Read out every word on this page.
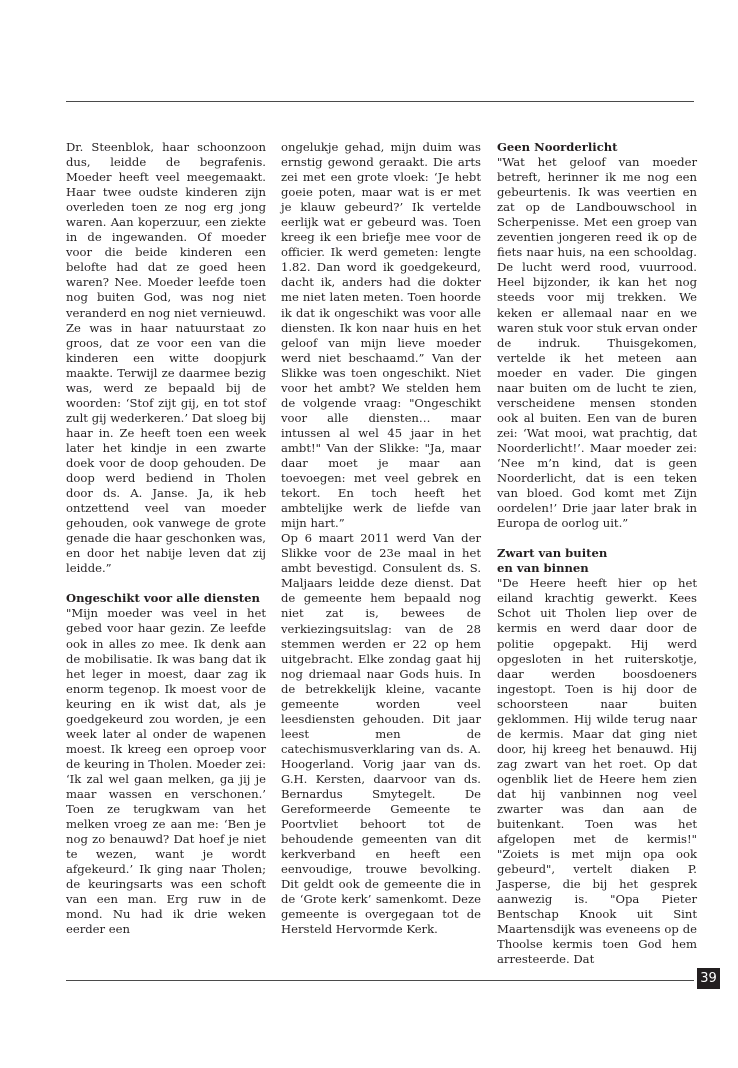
Dr. Steenblok, haar schoonzoon dus, leidde de begrafenis. Moeder heeft veel meegemaakt. Haar twee oudste kinderen zijn overleden toen ze nog erg jong waren. Aan koperzuur, een ziekte in de ingewanden. Of moeder voor die beide kinderen een belofte had dat ze goed heen waren? Nee. Moeder leefde toen nog buiten God, was nog niet veranderd en nog niet vernieuwd. Ze was in haar natuurstaat zo groos, dat ze voor een van die kinderen een witte doopjurk maakte. Terwijl ze daarmee bezig was, werd ze bepaald bij de woorden: ‘Stof zijt gij, en tot stof zult gij wederkeren.’ Dat sloeg bij haar in. Ze heeft toen een week later het kindje in een zwarte doek voor de doop gehouden. De doop werd bediend in Tholen door ds. A. Janse. Ja, ik heb ontzettend veel van moeder gehouden, ook vanwege de grote genade die haar geschonken was, en door het nabije leven dat zij leidde.”

Ongeschikt voor alle diensten

"Mijn moeder was veel in het gebed voor haar gezin. Ze leefde ook in alles zo mee. Ik denk aan de mobilisatie. Ik was bang dat ik het leger in moest, daar zag ik enorm tegenop. Ik moest voor de keuring en ik wist dat, als je goedgekeurd zou worden, je een week later al onder de wapenen moest. Ik kreeg een oproep voor de keuring in Tholen. Moeder zei: ‘Ik zal wel gaan melken, ga jij je maar wassen en verschonen.’ Toen ze terugkwam van het melken vroeg ze aan me: ‘Ben je nog zo benauwd? Dat hoef je niet te wezen, want je wordt afgekeurd.’ Ik ging naar Tholen; de keuringsarts was een schoft van een man. Erg ruw in de mond. Nu had ik drie weken eerder een

ongelukje gehad, mijn duim was ernstig gewond geraakt. Die arts zei met een grote vloek: ‘Je hebt goeie poten, maar wat is er met je klauw gebeurd?’ Ik vertelde eerlijk wat er gebeurd was. Toen kreeg ik een briefje mee voor de officier. Ik werd gemeten: lengte 1.82. Dan word ik goedgekeurd, dacht ik, anders had die dokter me niet laten meten. Toen hoorde ik dat ik ongeschikt was voor alle diensten. Ik kon naar huis en het geloof van mijn lieve moeder werd niet beschaamd.” Van der Slikke was toen ongeschikt. Niet voor het ambt? We stelden hem de volgende vraag: "Ongeschikt voor alle diensten… maar intussen al wel 45 jaar in het ambt!" Van der Slikke: "Ja, maar daar moet je maar aan toevoegen: met veel gebrek en tekort. En toch heeft het ambtelijke werk de liefde van mijn hart.”

Op 6 maart 2011 werd Van der Slikke voor de 23e maal in het ambt bevestigd. Consulent ds. S. Maljaars leidde deze dienst. Dat de gemeente hem bepaald nog niet zat is, bewees de verkiezingsuitslag: van de 28 stemmen werden er 22 op hem uitgebracht. Elke zondag gaat hij nog driemaal naar Gods huis. In de betrekkelijk kleine, vacante gemeente worden veel leesdiensten gehouden. Dit jaar leest men de catechismusverklaring van ds. A. Hoogerland. Vorig jaar van ds. G.H. Kersten, daarvoor van ds. Bernardus Smytegelt. De Gereformeerde Gemeente te Poortvliet behoort tot de behoudende gemeenten van dit kerkverband en heeft een eenvoudige, trouwe bevolking. Dit geldt ook de gemeente die in de ‘Grote kerk’ samenkomt. Deze gemeente is overgegaan tot de Hersteld Hervormde Kerk.

Geen Noorderlicht

"Wat het geloof van moeder betreft, herinner ik me nog een gebeurtenis. Ik was veertien en zat op de Landbouwschool in Scherpenisse. Met een groep van zeventien jongeren reed ik op de fiets naar huis, na een schooldag. De lucht werd rood, vuurrood. Heel bijzonder, ik kan het nog steeds voor mij trekken. We keken er allemaal naar en we waren stuk voor stuk ervan onder de indruk. Thuisgekomen, vertelde ik het meteen aan moeder en vader. Die gingen naar buiten om de lucht te zien, verscheidene mensen stonden ook al buiten. Een van de buren zei: ‘Wat mooi, wat prachtig, dat Noorderlicht!’. Maar moeder zei: ‘Nee m’n kind, dat is geen Noorderlicht, dat is een teken van bloed. God komt met Zijn oordelen!’ Drie jaar later brak in Europa de oorlog uit.”

Zwart van buiten
en van binnen

"De Heere heeft hier op het eiland krachtig gewerkt. Kees Schot uit Tholen liep over de kermis en werd daar door de politie opgepakt. Hij werd opgesloten in het ruiterskotje, daar werden boosdoeners ingestopt. Toen is hij door de schoorsteen naar buiten geklommen. Hij wilde terug naar de kermis. Maar dat ging niet door, hij kreeg het benauwd. Hij zag zwart van het roet. Op dat ogenblik liet de Heere hem zien dat hij vanbinnen nog veel zwarter was dan aan de buitenkant. Toen was het afgelopen met de kermis!" "Zoiets is met mijn opa ook gebeurd", vertelt diaken P. Jasperse, die bij het gesprek aanwezig is. "Opa Pieter Bentschap Knook uit Sint Maartensdijk was eveneens op de Thoolse kermis toen God hem arresteerde. Dat

39
